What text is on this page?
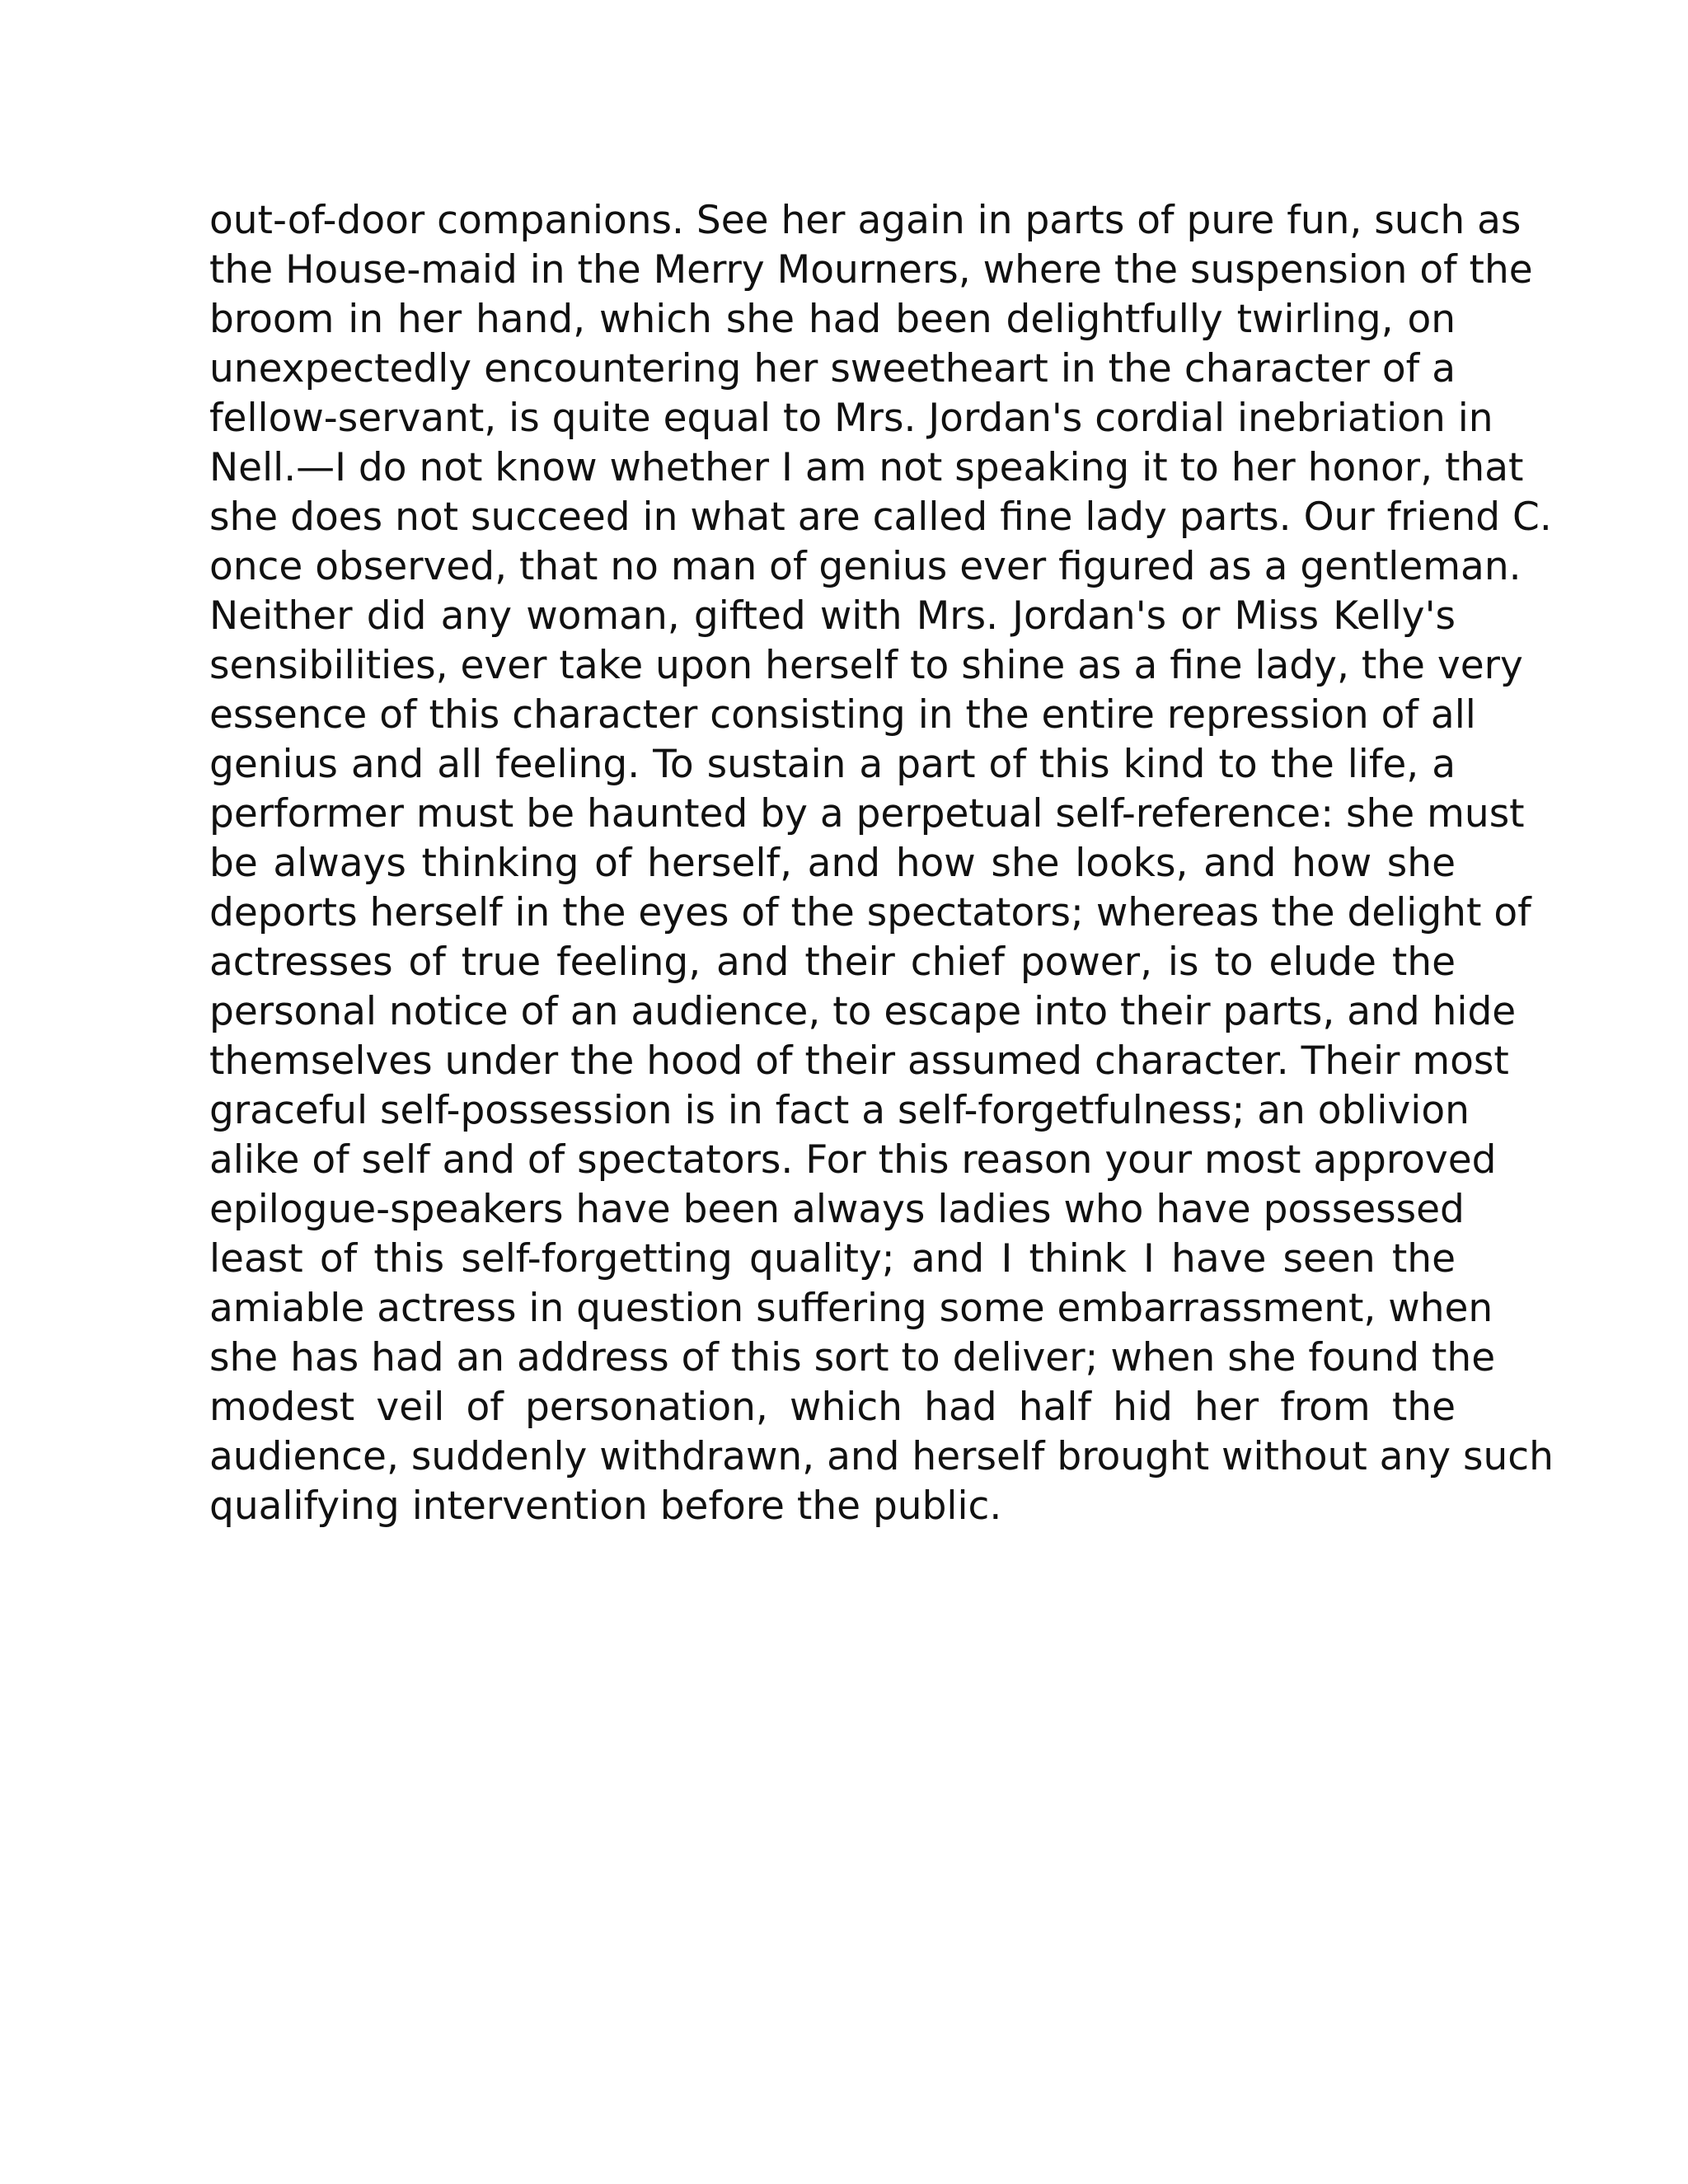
out-of-door companions. See her again in parts of pure fun, such as
the House-maid in the Merry Mourners, where the suspension of the
broom in her hand, which she had been delightfully twirling, on
unexpectedly encountering her sweetheart in the character of a
fellow-servant, is quite equal to Mrs. Jordan's cordial inebriation in
Nell.—I do not know whether I am not speaking it to her honor, that
she does not succeed in what are called fine lady parts. Our friend C.
once observed, that no man of genius ever figured as a gentleman.
Neither did any woman, gifted with Mrs. Jordan's or Miss Kelly's
sensibilities, ever take upon herself to shine as a fine lady, the very
essence of this character consisting in the entire repression of all
genius and all feeling. To sustain a part of this kind to the life, a
performer must be haunted by a perpetual self-reference: she must
be always thinking of herself, and how she looks, and how she
deports herself in the eyes of the spectators; whereas the delight of
actresses of true feeling, and their chief power, is to elude the
personal notice of an audience, to escape into their parts, and hide
themselves under the hood of their assumed character. Their most
graceful self-possession is in fact a self-forgetfulness; an oblivion
alike of self and of spectators. For this reason your most approved
epilogue-speakers have been always ladies who have possessed
least of this self-forgetting quality; and I think I have seen the
amiable actress in question suffering some embarrassment, when
she has had an address of this sort to deliver; when she found the
modest veil of personation, which had half hid her from the
audience, suddenly withdrawn, and herself brought without any such
qualifying intervention before the public.
